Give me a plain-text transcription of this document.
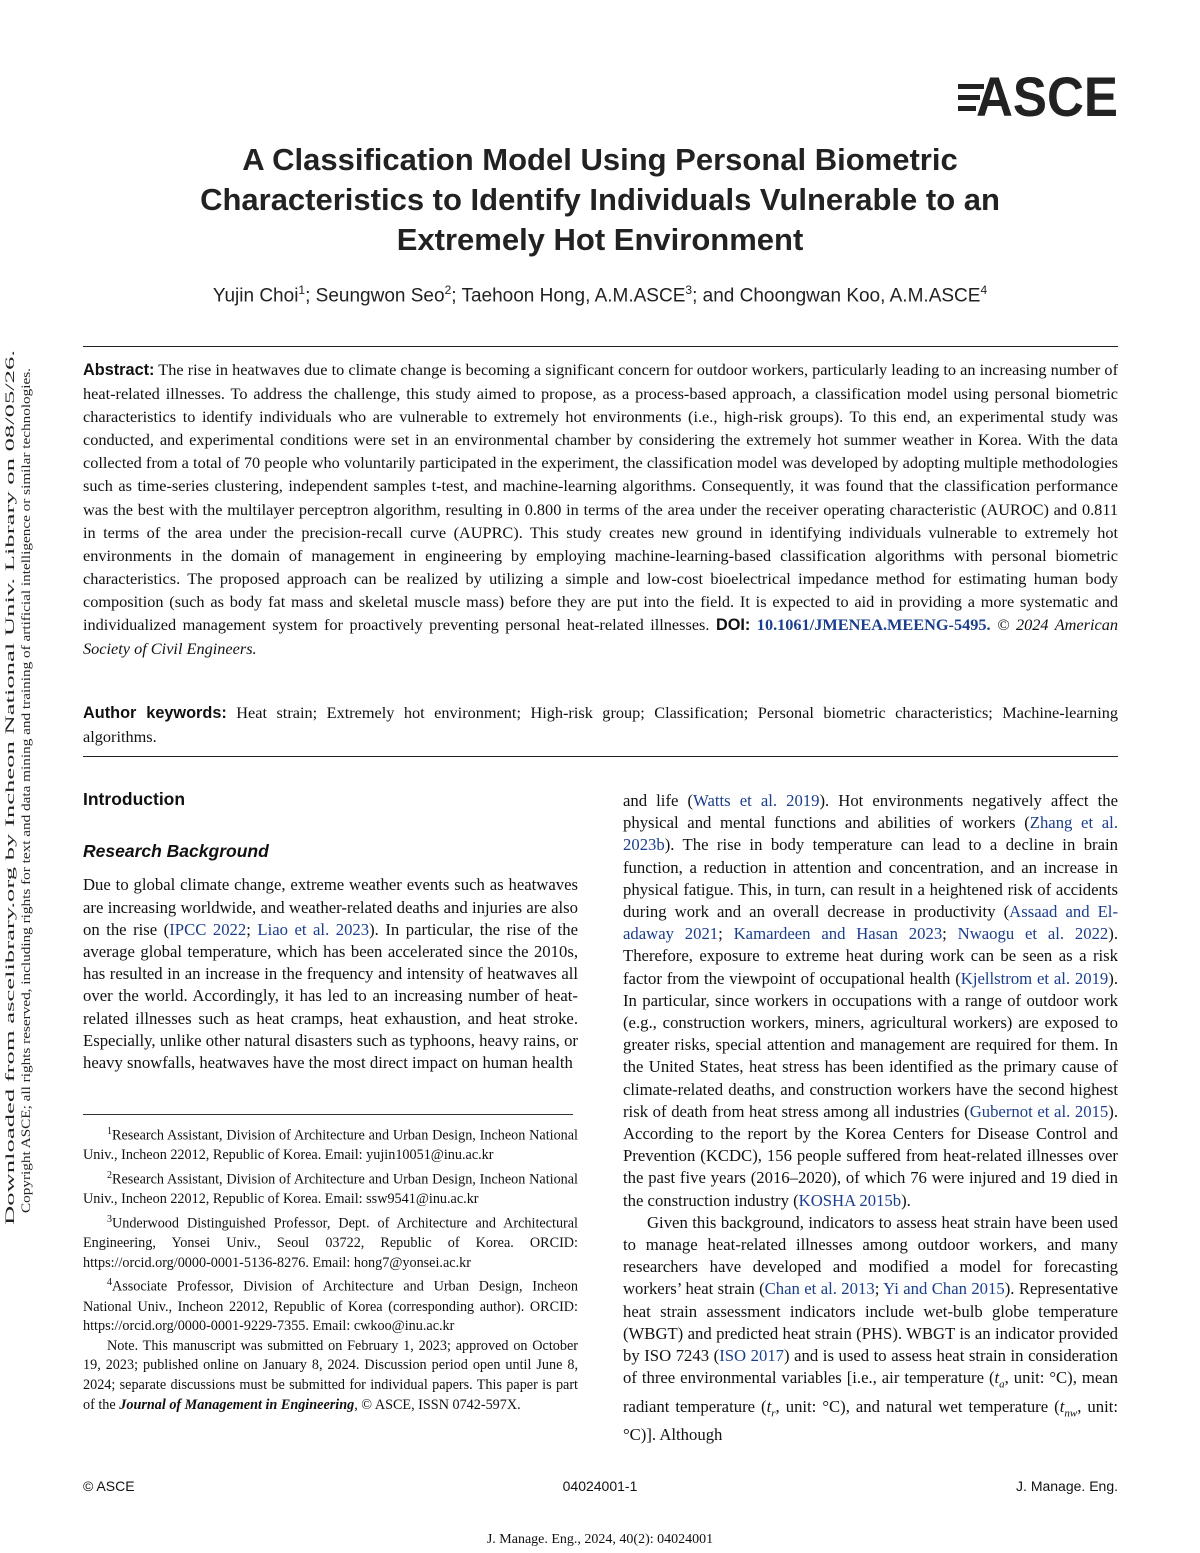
ASCE
Downloaded from ascelibrary.org by Incheon National Univ. Library on 08/05/26. Copyright ASCE; all rights reserved, including rights for text and data mining and training of artificial intelligence or similar technologies.
A Classification Model Using Personal Biometric Characteristics to Identify Individuals Vulnerable to an Extremely Hot Environment
Yujin Choi$^1$; Seungwon Seo$^2$; Taehoon Hong, A.M.ASCE$^3$; and Choongwan Koo, A.M.ASCE$^4$
Abstract: The rise in heatwaves due to climate change is becoming a significant concern for outdoor workers, particularly leading to an increasing number of heat-related illnesses. To address the challenge, this study aimed to propose, as a process-based approach, a classification model using personal biometric characteristics to identify individuals who are vulnerable to extremely hot environments (i.e., high-risk groups). To this end, an experimental study was conducted, and experimental conditions were set in an environmental chamber by considering the extremely hot summer weather in Korea. With the data collected from a total of 70 people who voluntarily participated in the experiment, the classification model was developed by adopting multiple methodologies such as time-series clustering, independent samples t-test, and machine-learning algorithms. Consequently, it was found that the classification performance was the best with the multilayer perceptron algorithm, resulting in 0.800 in terms of the area under the receiver operating characteristic (AUROC) and 0.811 in terms of the area under the precision-recall curve (AUPRC). This study creates new ground in identifying individuals vulnerable to extremely hot environments in the domain of management in engineering by employing machine-learning-based classification algorithms with personal biometric characteristics. The proposed approach can be realized by utilizing a simple and low-cost bioelectrical impedance method for estimating human body composition (such as body fat mass and skeletal muscle mass) before they are put into the field. It is expected to aid in providing a more systematic and individualized management system for proactively preventing personal heat-related illnesses. DOI: 10.1061/JMENEA.MEENG-5495. © 2024 American Society of Civil Engineers.
Author keywords: Heat strain; Extremely hot environment; High-risk group; Classification; Personal biometric characteristics; Machine-learning algorithms.

Introduction

Research Background

Due to global climate change, extreme weather events such as heatwaves are increasing worldwide, and weather-related deaths and injuries are also on the rise (IPCC 2022; Liao et al. 2023). In particular, the rise of the average global temperature, which has been accelerated since the 2010s, has resulted in an increase in the frequency and intensity of heatwaves all over the world. Accordingly, it has led to an increasing number of heat-related illnesses such as heat cramps, heat exhaustion, and heat stroke. Especially, unlike other natural disasters such as typhoons, heavy rains, or heavy snowfalls, heatwaves have the most direct impact on human health

$^1$Research Assistant, Division of Architecture and Urban Design, Incheon National Univ., Incheon 22012, Republic of Korea. Email: yujin10051@inu.ac.kr

$^2$Research Assistant, Division of Architecture and Urban Design, Incheon National Univ., Incheon 22012, Republic of Korea. Email: ssw9541@inu.ac.kr

$^3$Underwood Distinguished Professor, Dept. of Architecture and Architectural Engineering, Yonsei Univ., Seoul 03722, Republic of Korea. ORCID: https://orcid.org/0000-0001-5136-8276. Email: hong7@yonsei.ac.kr

$^4$Associate Professor, Division of Architecture and Urban Design, Incheon National Univ., Incheon 22012, Republic of Korea (corresponding author). ORCID: https://orcid.org/0000-0001-9229-7355. Email: cwkoo@inu.ac.kr

Note. This manuscript was submitted on February 1, 2023; approved on October 19, 2023; published online on January 8, 2024. Discussion period open until June 8, 2024; separate discussions must be submitted for individual papers. This paper is part of the Journal of Management in Engineering, © ASCE, ISSN 0742-597X.

and life (Watts et al. 2019). Hot environments negatively affect the physical and mental functions and abilities of workers (Zhang et al. 2023b). The rise in body temperature can lead to a decline in brain function, a reduction in attention and concentration, and an increase in physical fatigue. This, in turn, can result in a heightened risk of accidents during work and an overall decrease in productivity (Assaad and El-adaway 2021; Kamardeen and Hasan 2023; Nwaogu et al. 2022). Therefore, exposure to extreme heat during work can be seen as a risk factor from the viewpoint of occupational health (Kjellstrom et al. 2019). In particular, since workers in occupations with a range of outdoor work (e.g., construction workers, miners, agricultural workers) are exposed to greater risks, special attention and management are required for them. In the United States, heat stress has been identified as the primary cause of climate-related deaths, and construction workers have the second highest risk of death from heat stress among all industries (Gubernot et al. 2015). According to the report by the Korea Centers for Disease Control and Prevention (KCDC), 156 people suffered from heat-related illnesses over the past five years (2016–2020), of which 76 were injured and 19 died in the construction industry (KOSHA 2015b).

Given this background, indicators to assess heat strain have been used to manage heat-related illnesses among outdoor workers, and many researchers have developed and modified a model for forecasting workers’ heat strain (Chan et al. 2013; Yi and Chan 2015). Representative heat strain assessment indicators include wet-bulb globe temperature (WBGT) and predicted heat strain (PHS). WBGT is an indicator provided by ISO 7243 (ISO 2017) and is used to assess heat strain in consideration of three environmental variables [i.e., air temperature ($t_a$, unit: °C), mean radiant temperature ($t_r$, unit: °C), and natural wet temperature ($t_{nw}$, unit: °C)]. Although

© ASCE	04024001-1	J. Manage. Eng.
J. Manage. Eng., 2024, 40(2): 04024001
